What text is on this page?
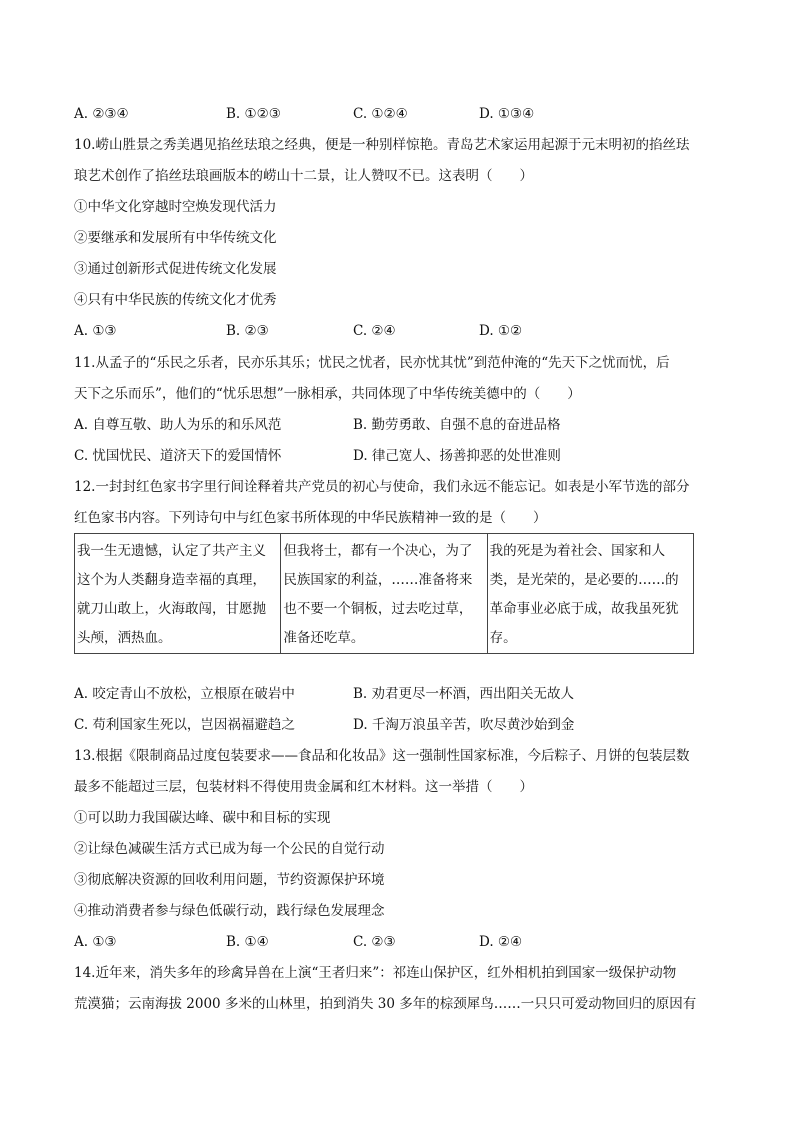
A. ②③④	B. ①②③	C. ①②④	D. ①③④
10.崂山胜景之秀美遇见掐丝珐琅之经典，便是一种别样惊艳。青岛艺术家运用起源于元末明初的掐丝珐
琅艺术创作了掐丝珐琅画版本的崂山十二景，让人赞叹不已。这表明（　　）
①中华文化穿越时空焕发现代活力
②要继承和发展所有中华传统文化
③通过创新形式促进传统文化发展
④只有中华民族的传统文化才优秀
A. ①③	B. ②③	C. ②④	D. ①②
11.从孟子的“乐民之乐者，民亦乐其乐；忧民之忧者，民亦忧其忧”到范仲淹的“先天下之忧而忧，后
天下之乐而乐”，他们的“忧乐思想”一脉相承，共同体现了中华传统美德中的（　　）
A. 自尊互敬、助人为乐的和乐风范	B. 勤劳勇敢、自强不息的奋进品格
C. 忧国忧民、道济天下的爱国情怀	D. 律己宽人、扬善抑恶的处世准则
12.一封封红色家书字里行间诠释着共产党员的初心与使命，我们永远不能忘记。如表是小军节选的部分
红色家书内容。下列诗句中与红色家书所体现的中华民族精神一致的是（　　）
我一生无遗憾，认定了共产主义这个为人类翻身造幸福的真理，就刀山敢上，火海敢闯，甘愿抛头颅，洒热血。	但我将士，都有一个决心，为了民族国家的利益，……准备将来也不要一个铜板，过去吃过草，准备还吃草。	我的死是为着社会、国家和人类，是光荣的，是必要的……的革命事业必底于成，故我虽死犹存。
A. 咬定青山不放松，立根原在破岩中	B. 劝君更尽一杯酒，西出阳关无故人
C. 苟利国家生死以，岂因祸福避趋之	D. 千淘万浪虽辛苦，吹尽黄沙始到金
13.根据《限制商品过度包装要求——食品和化妆品》这一强制性国家标准，今后粽子、月饼的包装层数
最多不能超过三层，包装材料不得使用贵金属和红木材料。这一举措（　　）
①可以助力我国碳达峰、碳中和目标的实现
②让绿色减碳生活方式已成为每一个公民的自觉行动
③彻底解决资源的回收利用问题，节约资源保护环境
④推动消费者参与绿色低碳行动，践行绿色发展理念
A. ①③	B. ①④	C. ②③	D. ②④
14.近年来，消失多年的珍禽异兽在上演“王者归来”：祁连山保护区，红外相机拍到国家一级保护动物
荒漠猫；云南海拔 2000 多米的山林里，拍到消失 30 多年的棕颈犀鸟……一只只可爱动物回归的原因有
